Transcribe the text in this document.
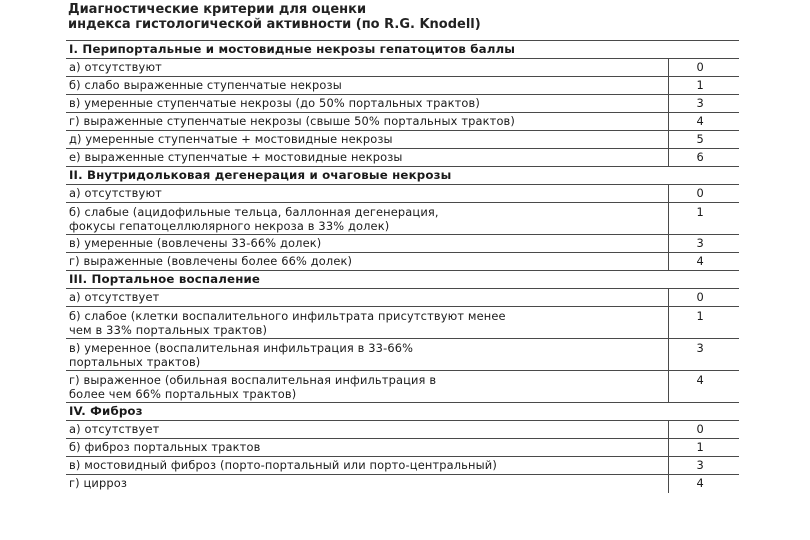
Диагностические критерии для оценки
индекса гистологической активности (по R.G. Knodell)
I. Перипортальные и мостовидные некрозы гепатоцитов баллы	
а) отсутствуют	0
б) слабо выраженные ступенчатые некрозы	1
в) умеренные ступенчатые некрозы (до 50% портальных трактов)	3
г) выраженные ступенчатые некрозы (свыше 50% портальных трактов)	4
д) умеренные ступенчатые + мостовидные некрозы	5
е) выраженные ступенчатые + мостовидные некрозы	6
II. Внутридольковая дегенерация и очаговые некрозы	
а) отсутствуют	0

б) слабые (ацидофильные тельца, баллонная дегенерация,
фокусы гепатоцеллюлярного некроза в 33% долек)	1
в) умеренные (вовлечены 33-66% долек)	3
г) выраженные (вовлечены более 66% долек)	4
III. Портальное воспаление	
а) отсутствует	0

б) слабое (клетки воспалительного инфильтрата присутствуют менее
чем в 33% портальных трактов)	1

в) умеренное (воспалительная инфильтрация в 33-66%
портальных трактов)	3

г) выраженное (обильная воспалительная инфильтрация в
более чем 66% портальных трактов)	4
IV. Фиброз	
а) отсутствует	0
б) фиброз портальных трактов	1
в) мостовидный фиброз (порто-портальный или порто-центральный)	3
г) цирроз	4
